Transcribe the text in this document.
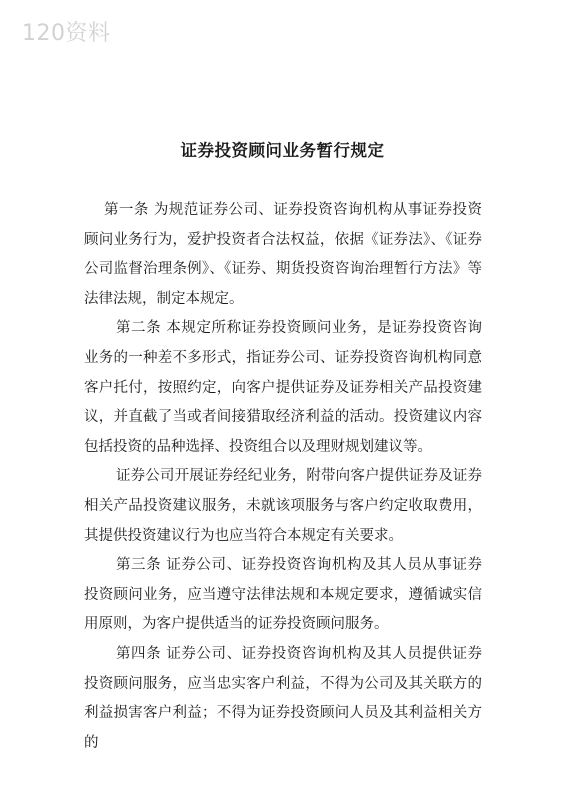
120资料
证券投资顾问业务暂行规定

第一条 为规范证券公司、证券投资咨询机构从事证券投资顾问业务行为，爱护投资者合法权益，依据《证券法》、《证券公司监督治理条例》、《证券、期货投资咨询治理暂行方法》等法律法规，制定本规定。

第二条 本规定所称证券投资顾问业务，是证券投资咨询业务的一种差不多形式，指证券公司、证券投资咨询机构同意客户托付，按照约定，向客户提供证券及证券相关产品投资建议，并直截了当或者间接猎取经济利益的活动。投资建议内容包括投资的品种选择、投资组合以及理财规划建议等。

证券公司开展证券经纪业务，附带向客户提供证券及证券相关产品投资建议服务，未就该项服务与客户约定收取费用，其提供投资建议行为也应当符合本规定有关要求。

第三条 证券公司、证券投资咨询机构及其人员从事证券投资顾问业务，应当遵守法律法规和本规定要求，遵循诚实信用原则，为客户提供适当的证券投资顾问服务。

第四条 证券公司、证券投资咨询机构及其人员提供证券投资顾问服务，应当忠实客户利益，不得为公司及其关联方的利益损害客户利益；不得为证券投资顾问人员及其利益相关方的
